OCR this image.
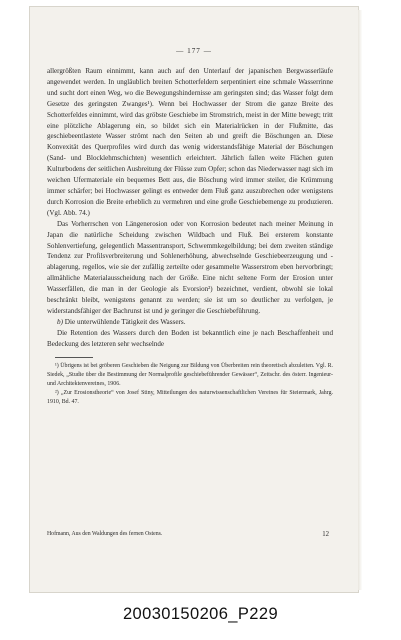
— 177 —

allergrößten Raum einnimmt, kann auch auf den Unterlauf der japanischen Bergwasserläufe angewendet werden. In ungläublich breiten Schotterfeldern serpentiniert eine schmale Wasserrinne und sucht dort einen Weg, wo die Bewegungshindernisse am geringsten sind; das Wasser folgt dem Gesetze des geringsten Zwanges¹). Wenn bei Hochwasser der Strom die ganze Breite des Schotterfeldes einnimmt, wird das gröbste Geschiebe im Stromstrich, meist in der Mitte bewegt; tritt eine plötzliche Ablagerung ein, so bildet sich ein Materialrücken in der Flußmitte, das geschiebeentlastete Wasser strömt nach den Seiten ab und greift die Böschungen an. Diese Konvexität des Querprofiles wird durch das wenig widerstandsfähige Material der Böschungen (Sand- und Blocklehmschichten) wesentlich erleichtert. Jährlich fallen weite Flächen guten Kulturbodens der seitlichen Ausbreitung der Flüsse zum Opfer; schon das Niederwasser nagt sich im weichen Ufermateriale ein bequemes Bett aus, die Böschung wird immer steiler, die Krümmung immer schärfer; bei Hochwasser gelingt es entweder dem Fluß ganz auszubrechen oder wenigstens durch Korrosion die Breite erheblich zu vermehren und eine große Geschiebemenge zu produzieren. (Vgl. Abb. 74.)

Das Vorherrschen von Längenerosion oder von Korrosion bedeutet nach meiner Meinung in Japan die natürliche Scheidung zwischen Wildbach und Fluß. Bei ersterem konstante Sohlenvertiefung, gelegentlich Massentransport, Schwemmkegelbildung; bei dem zweiten ständige Tendenz zur Profilsverbreiterung und Sohlenerhöhung, abwechselnde Geschiebeerzeugung und -ablagerung, regellos, wie sie der zufällig zerteilte oder gesammelte Wasserstrom eben hervorbringt; allmähliche Materialausscheidung nach der Größe. Eine nicht seltene Form der Erosion unter Wasserfällen, die man in der Geologie als Evorsion²) bezeichnet, verdient, obwohl sie lokal beschränkt bleibt, wenigstens genannt zu werden; sie ist um so deutlicher zu verfolgen, je widerstandsfähiger der Bachrunst ist und je geringer die Geschiebeführung.

b) Die unterwühlende Tätigkeit des Wassers.

Die Retention des Wassers durch den Boden ist bekanntlich eine je nach Beschaffenheit und Bedeckung des letzteren sehr wechselnde

¹) Übrigens ist bei gröberen Geschieben die Neigung zur Bildung von Überbreiten rein theoretisch abzuleiten. Vgl. R. Siedek, „Studie über die Bestimmung der Normalprofile geschiebeführender Gewässer“, Zeitschr. des österr. Ingenieur- und Architektenvereines, 1906.

²) „Zur Erosionstheorie“ von Josef Stiny, Mitteilungen des naturwissenschaftlichen Vereines für Steiermark, Jahrg. 1910, Bd. 47.

Hofmann, Aus den Waldungen des fernen Ostens.	12
20030150206_P229
